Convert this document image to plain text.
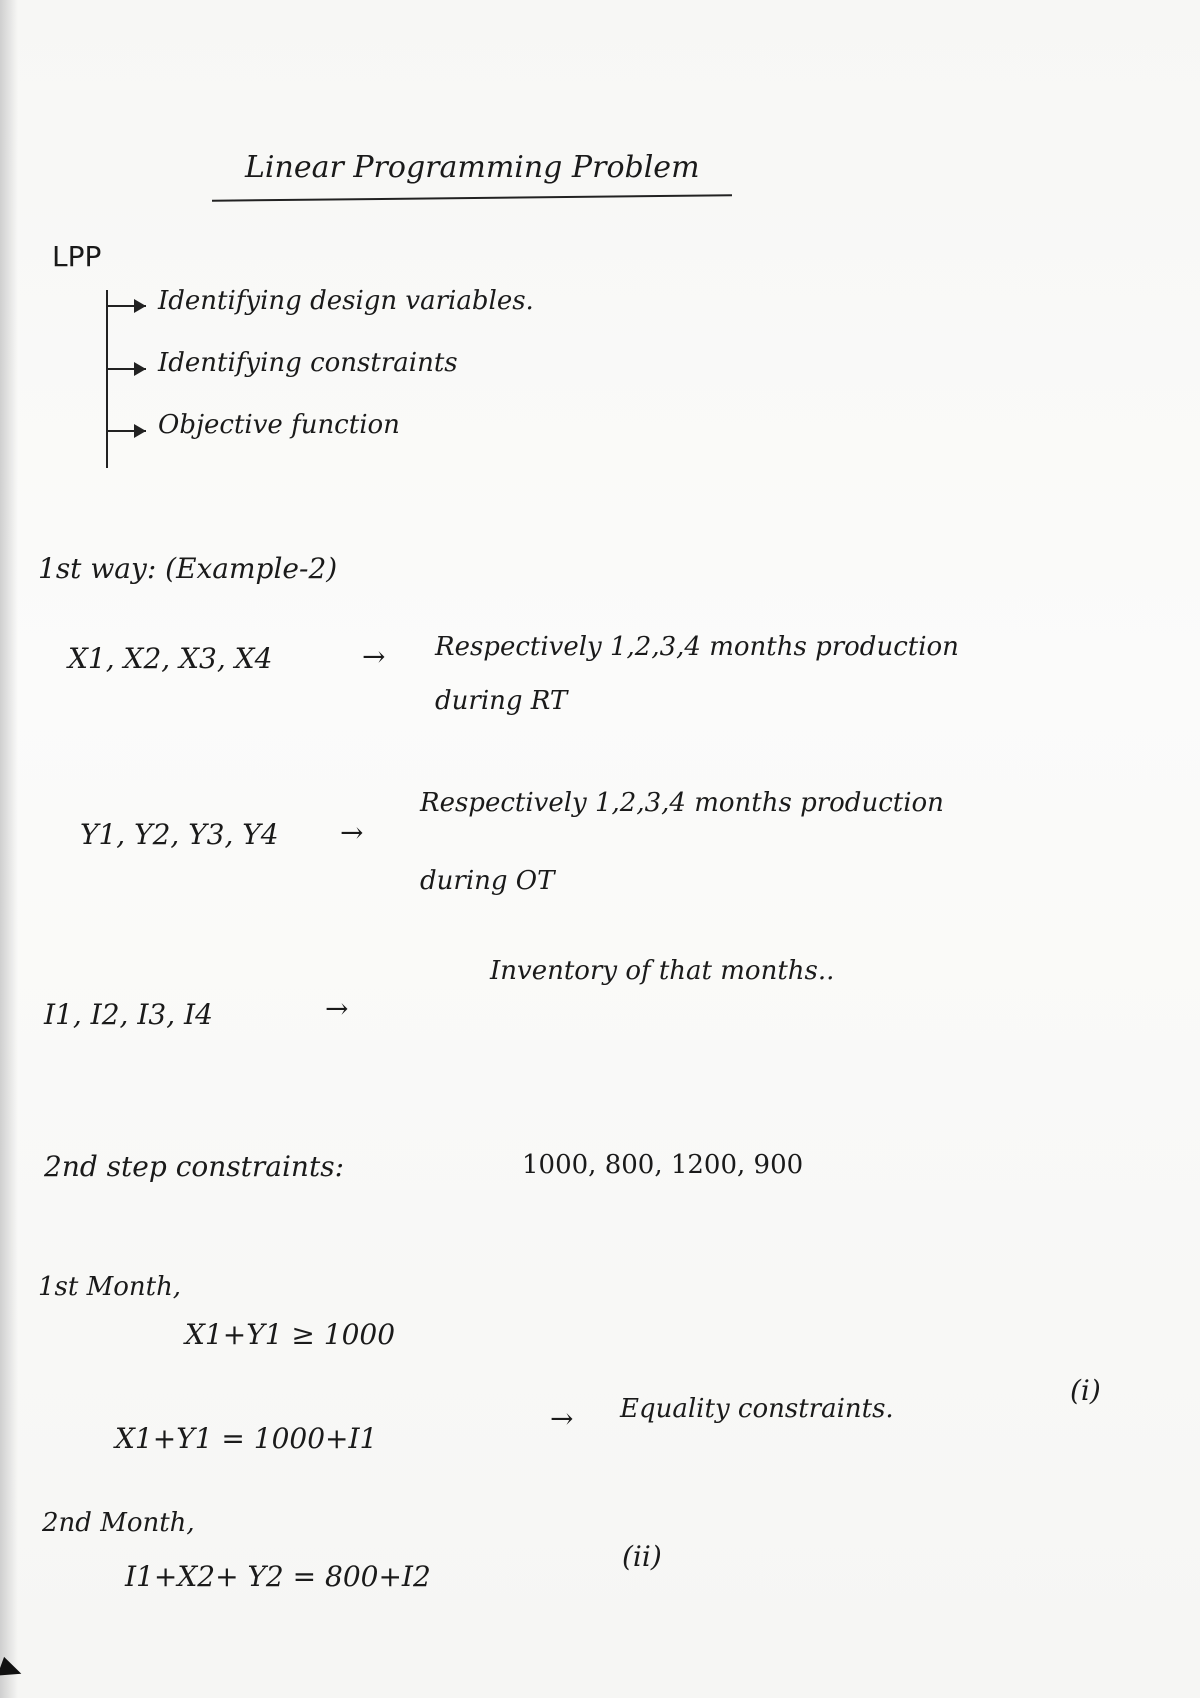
Linear Programming Problem
LPP
Identifying design variables.
Identifying constraints
Objective function
1st way: (Example-2)
X1, X2, X3, X4	→ Respectively 1,2,3,4 months production
during RT
Y1, Y2, Y3, Y4 →
Respectively 1,2,3,4 months production
during OT
I1, I2, I3, I4	→
Inventory of that months..
2nd step constraints:	1000, 800, 1200, 900
1st Month,
X1+Y1 ≥ 1000
X1+Y1 = 1000+I1
→ Equality constraints.
(i)
2nd Month,
I1+X2+ Y2 = 800+I2
(ii)
